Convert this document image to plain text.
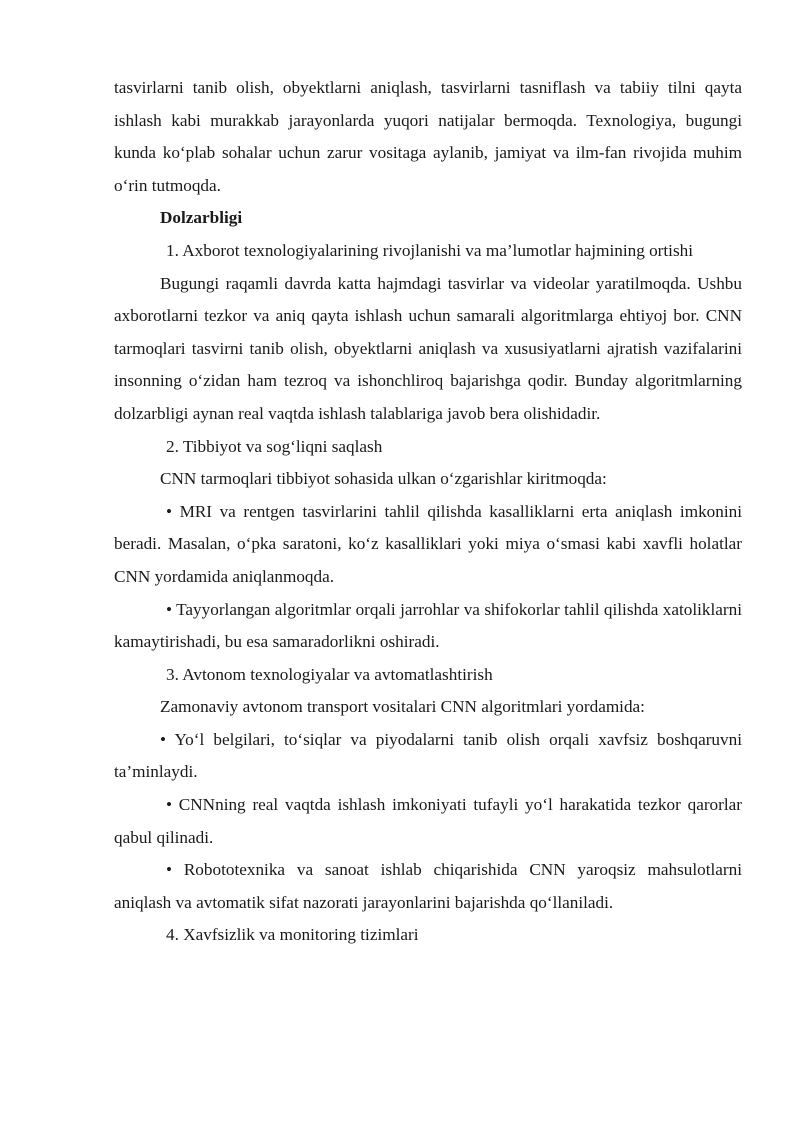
tasvirlarni tanib olish, obyektlarni aniqlash, tasvirlarni tasniflash va tabiiy tilni qayta ishlash kabi murakkab jarayonlarda yuqori natijalar bermoqda. Texnologiya, bugungi kunda ko‘plab sohalar uchun zarur vositaga aylanib, jamiyat va ilm-fan rivojida muhim o‘rin tutmoqda.

Dolzarbligi

1. Axborot texnologiyalarining rivojlanishi va ma’lumotlar hajmining ortishi

Bugungi raqamli davrda katta hajmdagi tasvirlar va videolar yaratilmoqda. Ushbu axborotlarni tezkor va aniq qayta ishlash uchun samarali algoritmlarga ehtiyoj bor. CNN tarmoqlari tasvirni tanib olish, obyektlarni aniqlash va xususiyatlarni ajratish vazifalarini insonning o‘zidan ham tezroq va ishonchliroq bajarishga qodir. Bunday algoritmlarning dolzarbligi aynan real vaqtda ishlash talablariga javob bera olishidadir.

2. Tibbiyot va sog‘liqni saqlash

CNN tarmoqlari tibbiyot sohasida ulkan o‘zgarishlar kiritmoqda:

• MRI va rentgen tasvirlarini tahlil qilishda kasalliklarni erta aniqlash imkonini beradi. Masalan, o‘pka saratoni, ko‘z kasalliklari yoki miya o‘smasi kabi xavfli holatlar CNN yordamida aniqlanmoqda.

• Tayyorlangan algoritmlar orqali jarrohlar va shifokorlar tahlil qilishda xatoliklarni kamaytirishadi, bu esa samaradorlikni oshiradi.

3. Avtonom texnologiyalar va avtomatlashtirish

Zamonaviy avtonom transport vositalari CNN algoritmlari yordamida:

• Yo‘l belgilari, to‘siqlar va piyodalarni tanib olish orqali xavfsiz boshqaruvni ta’minlaydi.

• CNNning real vaqtda ishlash imkoniyati tufayli yo‘l harakatida tezkor qarorlar qabul qilinadi.

• Robototexnika va sanoat ishlab chiqarishida CNN yaroqsiz mahsulotlarni aniqlash va avtomatik sifat nazorati jarayonlarini bajarishda qo‘llaniladi.

4. Xavfsizlik va monitoring tizimlari
